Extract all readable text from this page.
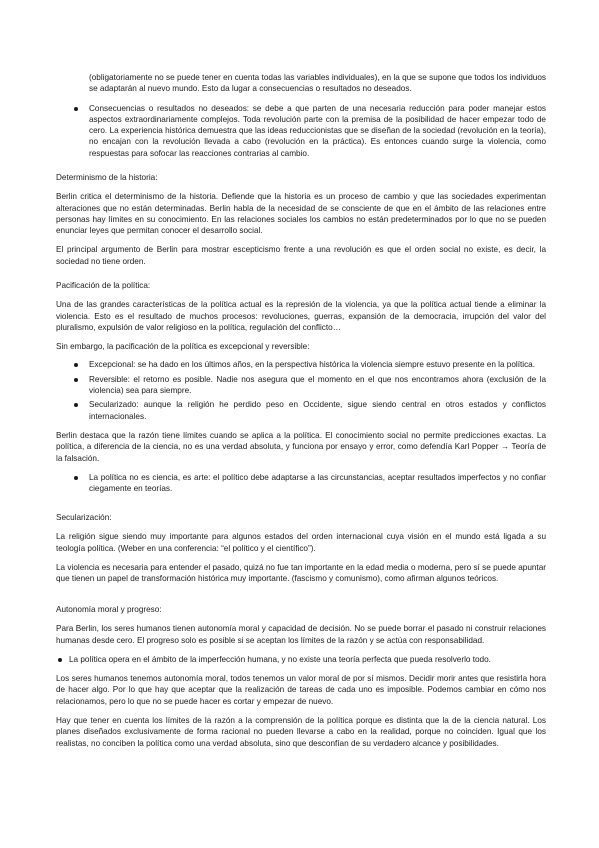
(obligatoriamente no se puede tener en cuenta todas las variables individuales), en la que se supone que todos los individuos se adaptarán al nuevo mundo. Esto da lugar a consecuencias o resultados no deseados.

Consecuencias o resultados no deseados: se debe a que parten de una necesaria reducción para poder manejar estos aspectos extraordinariamente complejos. Toda revolución parte con la premisa de la posibilidad de hacer empezar todo de cero. La experiencia histórica demuestra que las ideas reduccionistas que se diseñan de la sociedad (revolución en la teoría), no encajan con la revolución llevada a cabo (revolución en la práctica). Es entonces cuando surge la violencia, como respuestas para sofocar las reacciones contrarias al cambio.

Determinismo de la historia:

Berlin critica el determinismo de la historia. Defiende que la historia es un proceso de cambio y que las sociedades experimentan alteraciones que no están determinadas. Berlin habla de la necesidad de se consciente de que en el ámbito de las relaciones entre personas hay límites en su conocimiento. En las relaciones sociales los cambios no están predeterminados por lo que no se pueden enunciar leyes que permitan conocer el desarrollo social.

El principal argumento de Berlin para mostrar escepticismo frente a una revolución es que el orden social no existe, es decir, la sociedad no tiene orden.

Pacificación de la política:

Una de las grandes características de la política actual es la represión de la violencia, ya que la política actual tiende a eliminar la violencia. Esto es el resultado de muchos procesos: revoluciones, guerras, expansión de la democracia, irrupción del valor del pluralismo, expulsión de valor religioso en la política, regulación del conflicto…

Sin embargo, la pacificación de la política es excepcional y reversible:

Excepcional: se ha dado en los últimos años, en la perspectiva histórica la violencia siempre estuvo presente en la política.

Reversible: el retorno es posible. Nadie nos asegura que el momento en el que nos encontramos ahora (exclusión de la violencia) sea para siempre.

Secularizado: aunque la religión he perdido peso en Occidente, sigue siendo central en otros estados y conflictos internacionales.

Berlin destaca que la razón tiene límites cuando se aplica a la política. El conocimiento social no permite predicciones exactas. La política, a diferencia de la ciencia, no es una verdad absoluta, y funciona por ensayo y error, como defendía Karl Popper → Teoría de la falsación.

La política no es ciencia, es arte: el político debe adaptarse a las circunstancias, aceptar resultados imperfectos y no confiar ciegamente en teorías.

Secularización:

La religión sigue siendo muy importante para algunos estados del orden internacional cuya visión en el mundo está ligada a su teología política. (Weber en una conferencia: “el político y el científico”).

La violencia es necesaria para entender el pasado, quizá no fue tan importante en la edad media o moderna, pero sí se puede apuntar que tienen un papel de transformación histórica muy importante. (fascismo y comunismo), como afirman algunos teóricos.

Autonomía moral y progreso:

Para Berlin, los seres humanos tienen autonomía moral y capacidad de decisión. No se puede borrar el pasado ni construir relaciones humanas desde cero. El progreso solo es posible si se aceptan los límites de la razón y se actúa con responsabilidad.

La política opera en el ámbito de la imperfección humana, y no existe una teoría perfecta que pueda resolverlo todo.

Los seres humanos tenemos autonomía moral, todos tenemos un valor moral de por sí mismos. Decidir morir antes que resistirla hora de hacer algo. Por lo que hay que aceptar que la realización de tareas de cada uno es imposible. Podemos cambiar en cómo nos relacionamos, pero lo que no se puede hacer es cortar y empezar de nuevo.

Hay que tener en cuenta los límites de la razón a la comprensión de la política porque es distinta que la de la ciencia natural. Los planes diseñados exclusivamente de forma racional no pueden llevarse a cabo en la realidad, porque no coinciden. Igual que los realistas, no conciben la política como una verdad absoluta, sino que desconfían de su verdadero alcance y posibilidades.
